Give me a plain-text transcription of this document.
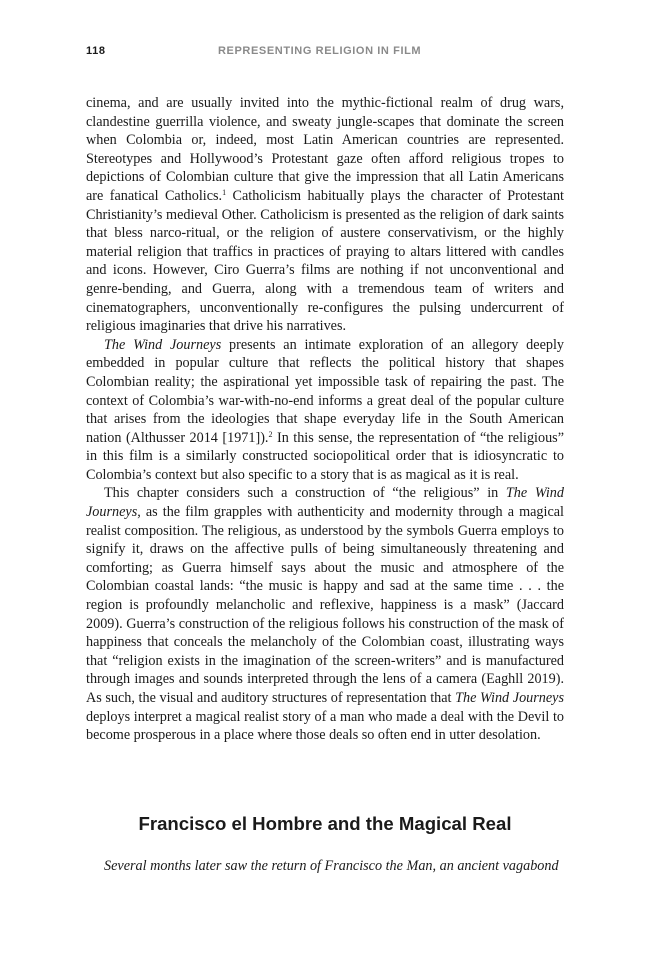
118	REPRESENTING RELIGION IN FILM

cinema, and are usually invited into the mythic-fictional realm of drug wars, clandestine guerrilla violence, and sweaty jungle-scapes that dominate the screen when Colombia or, indeed, most Latin American countries are represented. Stereotypes and Hollywood’s Protestant gaze often afford religious tropes to depictions of Colombian culture that give the impression that all Latin Americans are fanatical Catholics.$^1$ Catholicism habitually plays the character of Protestant Christianity’s medieval Other. Catholicism is presented as the religion of dark saints that bless narco-ritual, or the religion of austere conservativism, or the highly material religion that traffics in practices of praying to altars littered with candles and icons. However, Ciro Guerra’s films are nothing if not unconventional and genre-bending, and Guerra, along with a tremendous team of writers and cinematographers, unconventionally re-configures the pulsing undercurrent of religious imaginaries that drive his narratives.

The Wind Journeys presents an intimate exploration of an allegory deeply embedded in popular culture that reflects the political history that shapes Colombian reality; the aspirational yet impossible task of repairing the past. The context of Colombia’s war-with-no-end informs a great deal of the popular culture that arises from the ideologies that shape everyday life in the South American nation (Althusser 2014 [1971]).$^2$ In this sense, the representation of “the religious” in this film is a similarly constructed sociopolitical order that is idiosyncratic to Colombia’s context but also specific to a story that is as magical as it is real.

This chapter considers such a construction of “the religious” in The Wind Journeys, as the film grapples with authenticity and modernity through a magical realist composition. The religious, as understood by the symbols Guerra employs to signify it, draws on the affective pulls of being simultaneously threatening and comforting; as Guerra himself says about the music and atmosphere of the Colombian coastal lands: “the music is happy and sad at the same time . . . the region is profoundly melancholic and reflexive, happiness is a mask” (Jaccard 2009). Guerra’s construction of the religious follows his construction of the mask of happiness that conceals the melancholy of the Colombian coast, illustrating ways that “religion exists in the imagination of the screen-writers” and is manufactured through images and sounds interpreted through the lens of a camera (Eaghll 2019). As such, the visual and auditory structures of representation that The Wind Journeys deploys interpret a magical realist story of a man who made a deal with the Devil to become prosperous in a place where those deals so often end in utter desolation.

Francisco el Hombre and the Magical Real
Several months later saw the return of Francisco the Man, an ancient vagabond
